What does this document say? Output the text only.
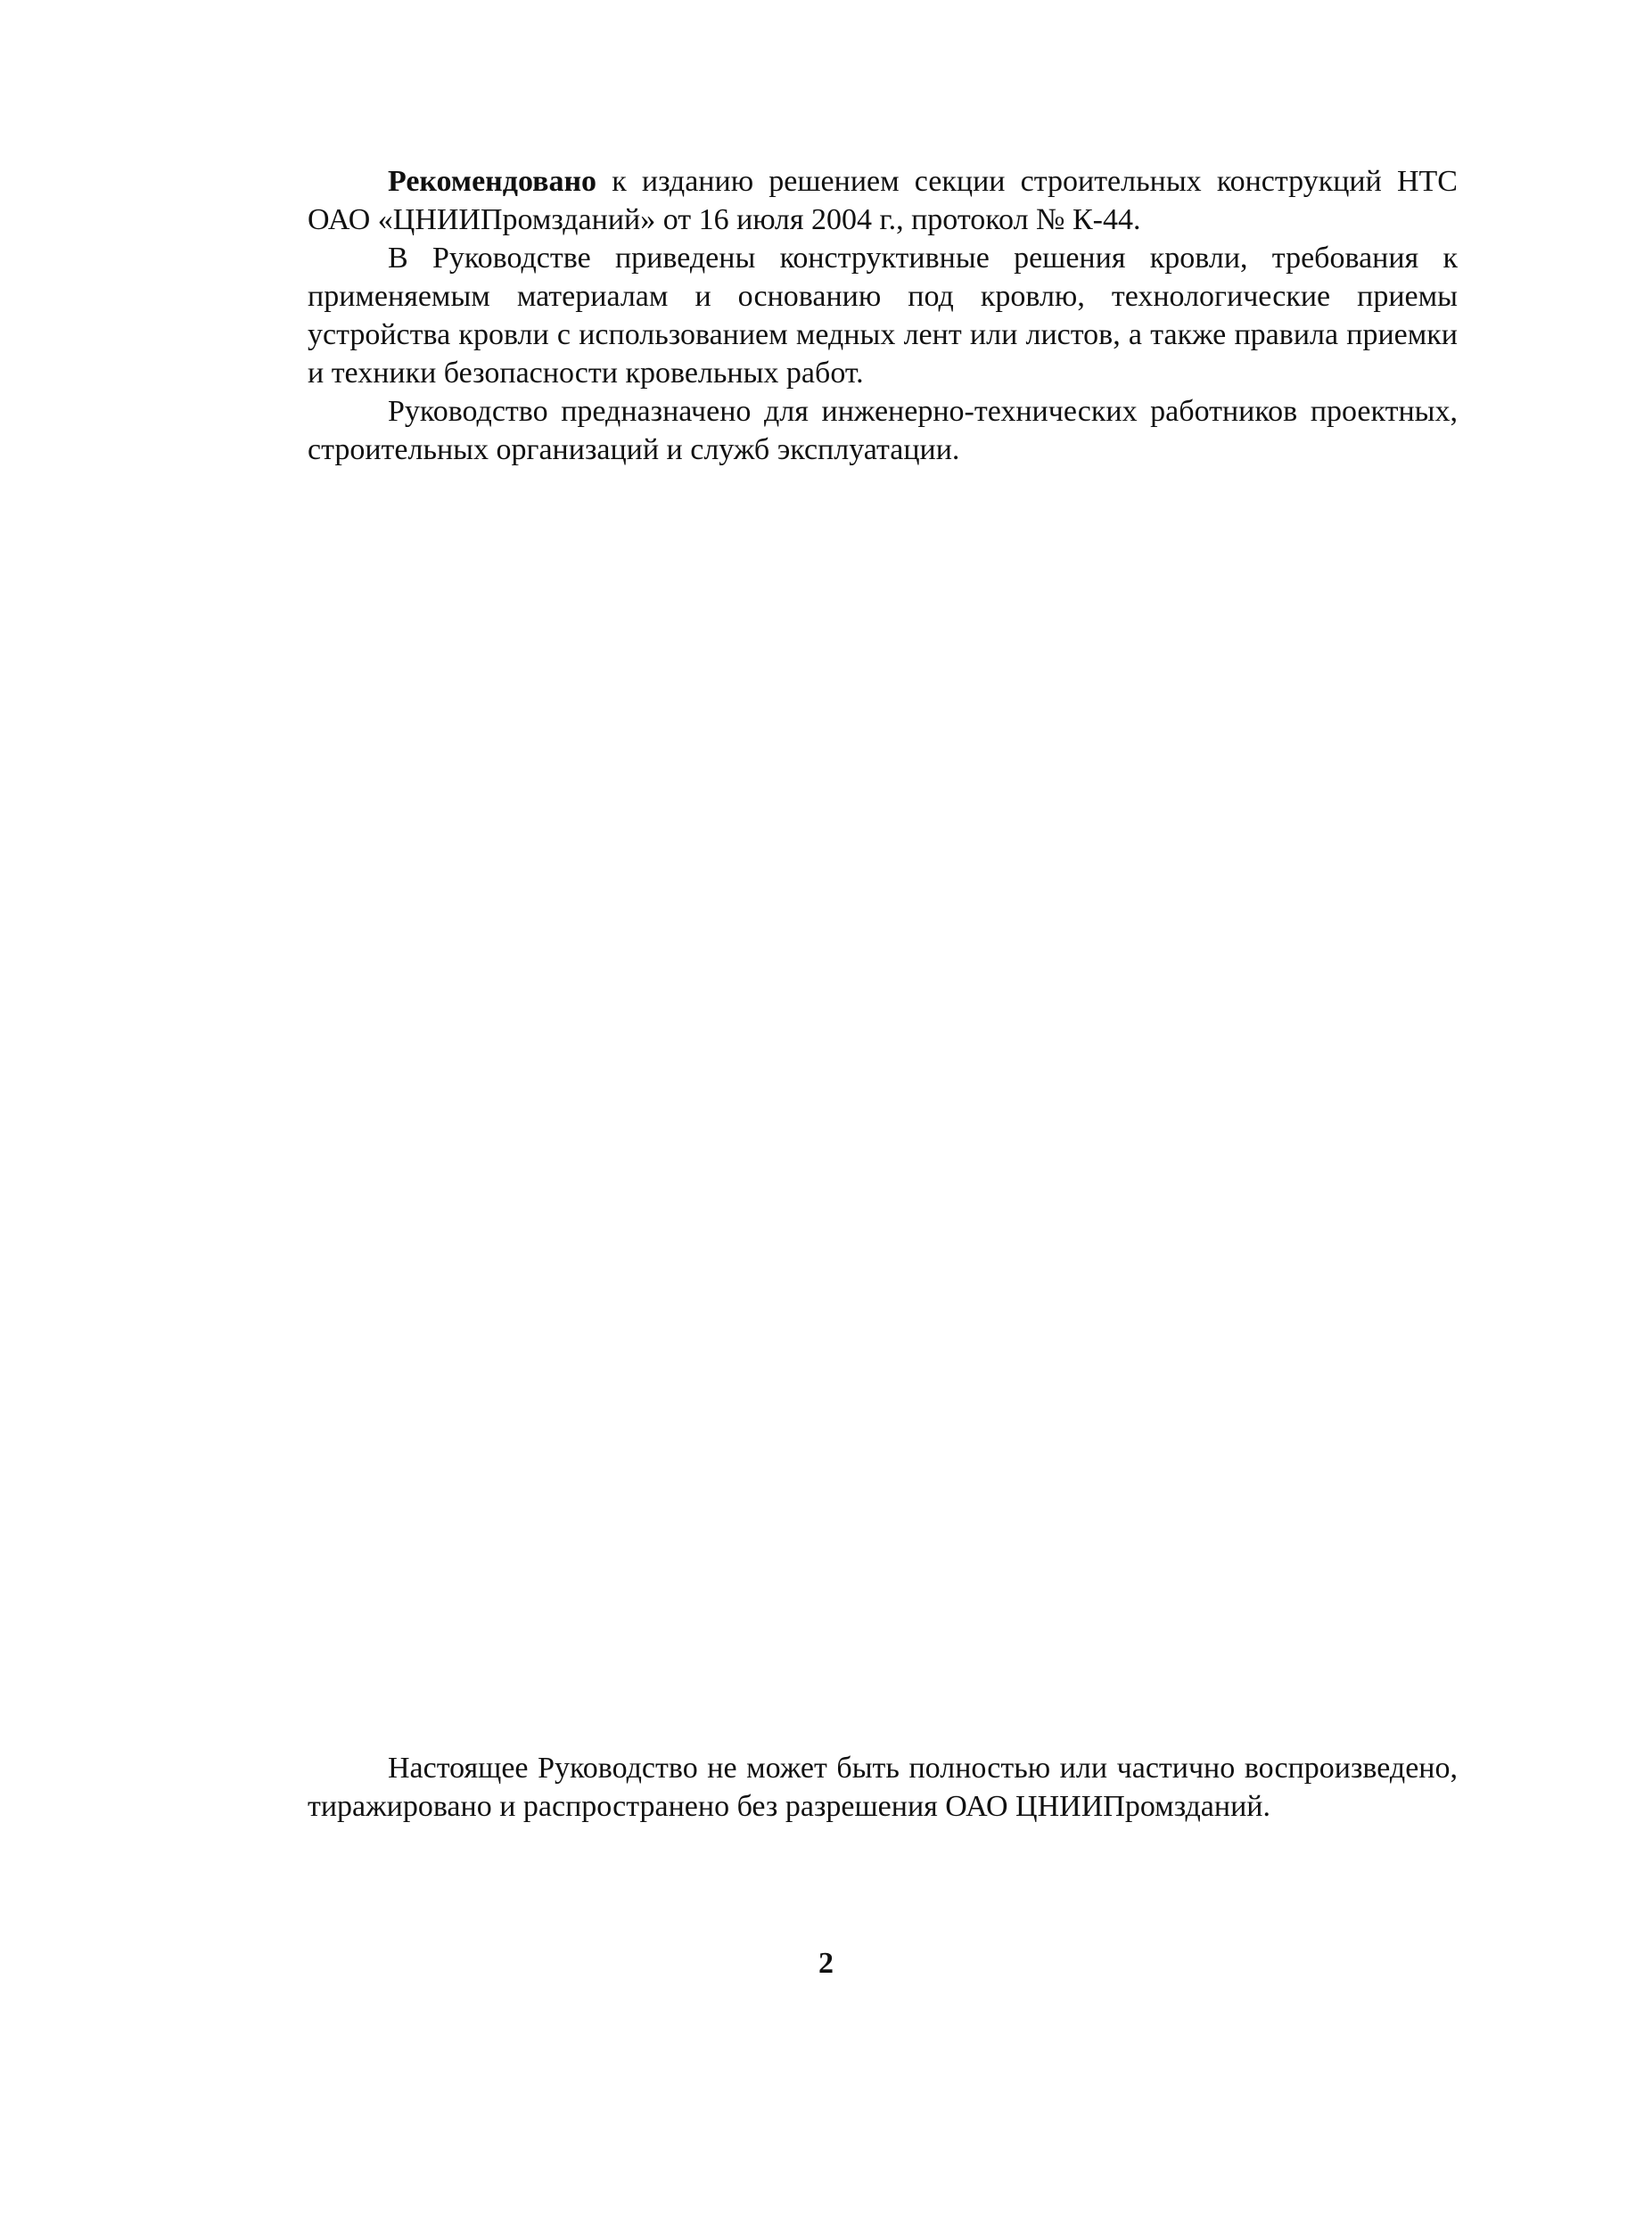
Рекомендовано к изданию решением секции строительных конструкций НТС ОАО «ЦНИИПромзданий» от 16 июля 2004 г., протокол № К-44.

В Руководстве приведены конструктивные решения кровли, требования к применяемым материалам и основанию под кровлю, технологические приемы устройства кровли с использованием медных лент или листов, а также правила приемки и техники безопасности кровельных работ.

Руководство предназначено для инженерно-технических работников проектных, строительных организаций и служб эксплуатации.

Настоящее Руководство не может быть полностью или частично воспроизведено, тиражировано и распространено без разрешения ОАО ЦНИИПромзданий.

2
